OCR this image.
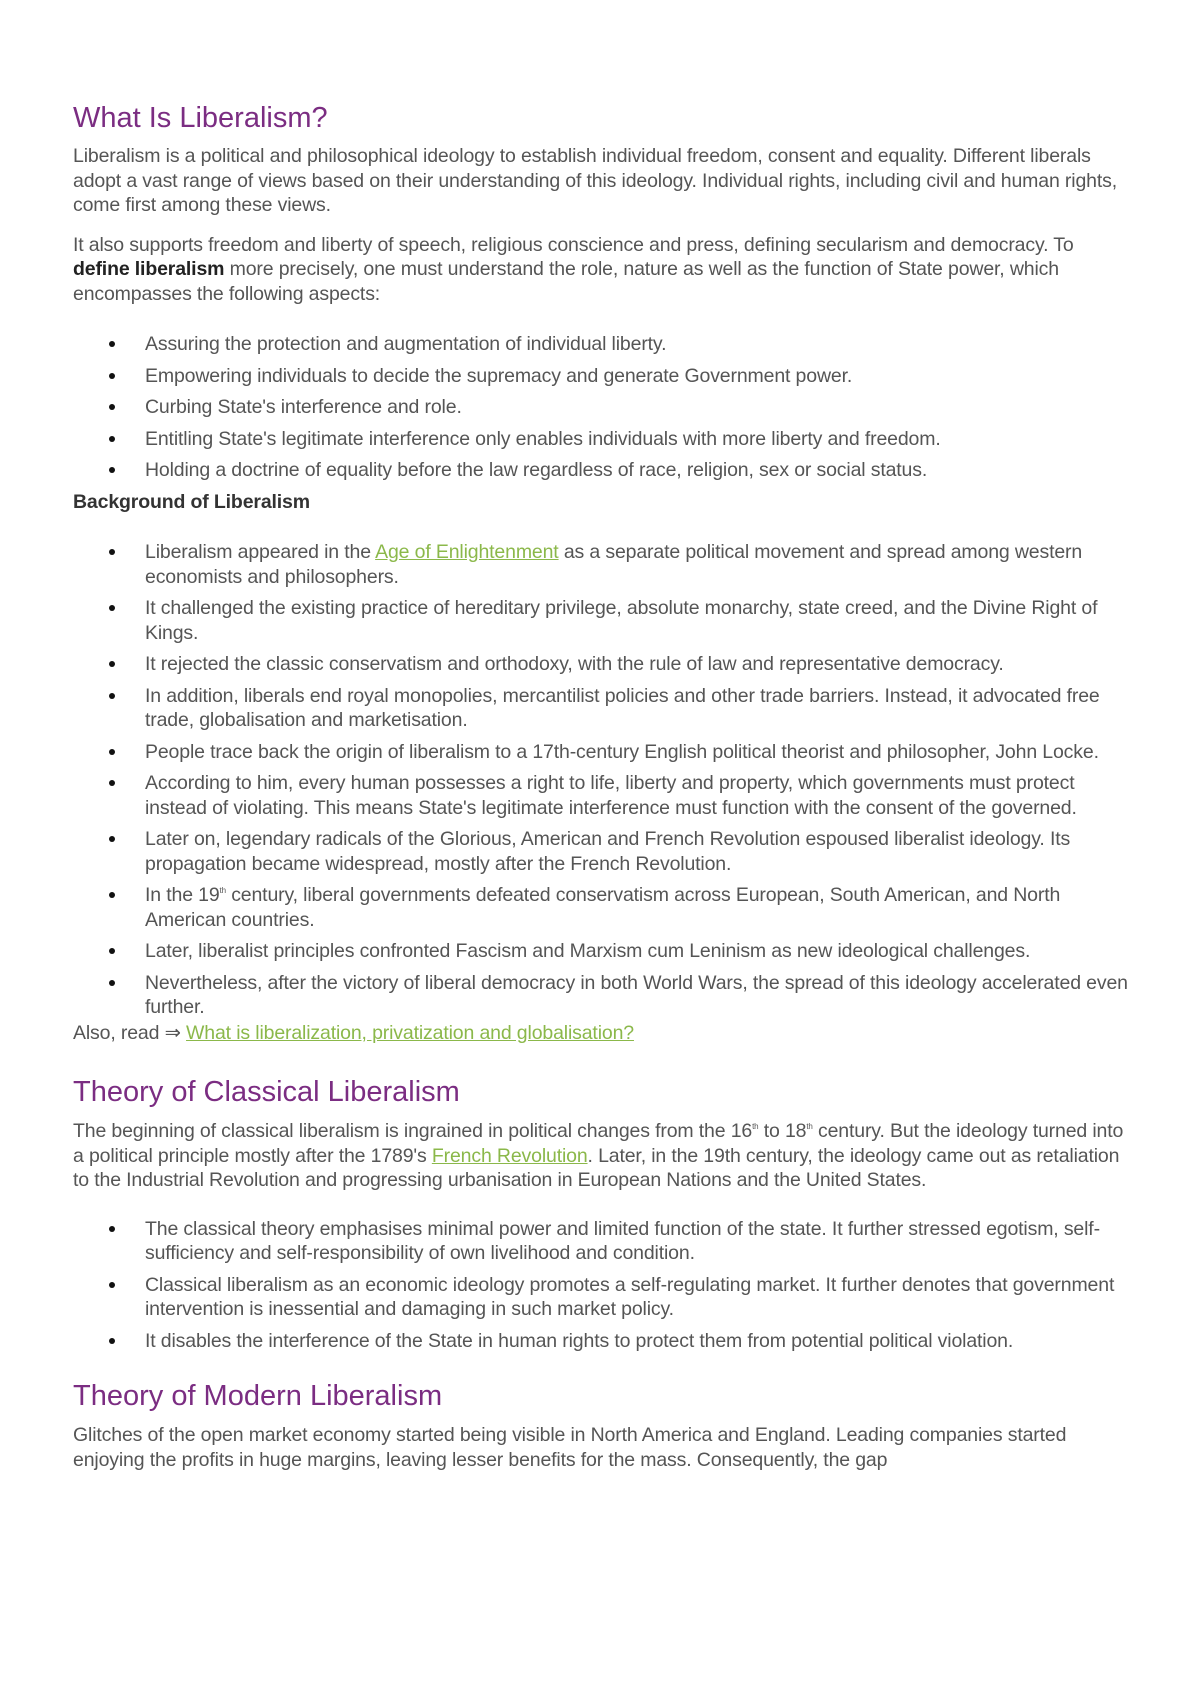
What Is Liberalism?

Liberalism is a political and philosophical ideology to establish individual freedom, consent and equality. Different liberals adopt a vast range of views based on their understanding of this ideology. Individual rights, including civil and human rights, come first among these views.

It also supports freedom and liberty of speech, religious conscience and press, defining secularism and democracy. To define liberalism more precisely, one must understand the role, nature as well as the function of State power, which encompasses the following aspects:

Assuring the protection and augmentation of individual liberty.
Empowering individuals to decide the supremacy and generate Government power.
Curbing State's interference and role.
Entitling State's legitimate interference only enables individuals with more liberty and freedom.
Holding a doctrine of equality before the law regardless of race, religion, sex or social status.

Background of Liberalism

Liberalism appeared in the Age of Enlightenment as a separate political movement and spread among western economists and philosophers.
It challenged the existing practice of hereditary privilege, absolute monarchy, state creed, and the Divine Right of Kings.
It rejected the classic conservatism and orthodoxy, with the rule of law and representative democracy.
In addition, liberals end royal monopolies, mercantilist policies and other trade barriers. Instead, it advocated free trade, globalisation and marketisation.
People trace back the origin of liberalism to a 17th-century English political theorist and philosopher, John Locke.
According to him, every human possesses a right to life, liberty and property, which governments must protect instead of violating. This means State's legitimate interference must function with the consent of the governed.
Later on, legendary radicals of the Glorious, American and French Revolution espoused liberalist ideology. Its propagation became widespread, mostly after the French Revolution.
In the 19th century, liberal governments defeated conservatism across European, South American, and North American countries.
Later, liberalist principles confronted Fascism and Marxism cum Leninism as new ideological challenges.
Nevertheless, after the victory of liberal democracy in both World Wars, the spread of this ideology accelerated even further.

Also, read ⇒ What is liberalization, privatization and globalisation?

Theory of Classical Liberalism

The beginning of classical liberalism is ingrained in political changes from the 16th to 18th century. But the ideology turned into a political principle mostly after the 1789's French Revolution. Later, in the 19th century, the ideology came out as retaliation to the Industrial Revolution and progressing urbanisation in European Nations and the United States.

The classical theory emphasises minimal power and limited function of the state. It further stressed egotism, self-sufficiency and self-responsibility of own livelihood and condition.
Classical liberalism as an economic ideology promotes a self-regulating market. It further denotes that government intervention is inessential and damaging in such market policy.
It disables the interference of the State in human rights to protect them from potential political violation.
Theory of Modern Liberalism

Glitches of the open market economy started being visible in North America and England. Leading companies started enjoying the profits in huge margins, leaving lesser benefits for the mass. Consequently, the gap
